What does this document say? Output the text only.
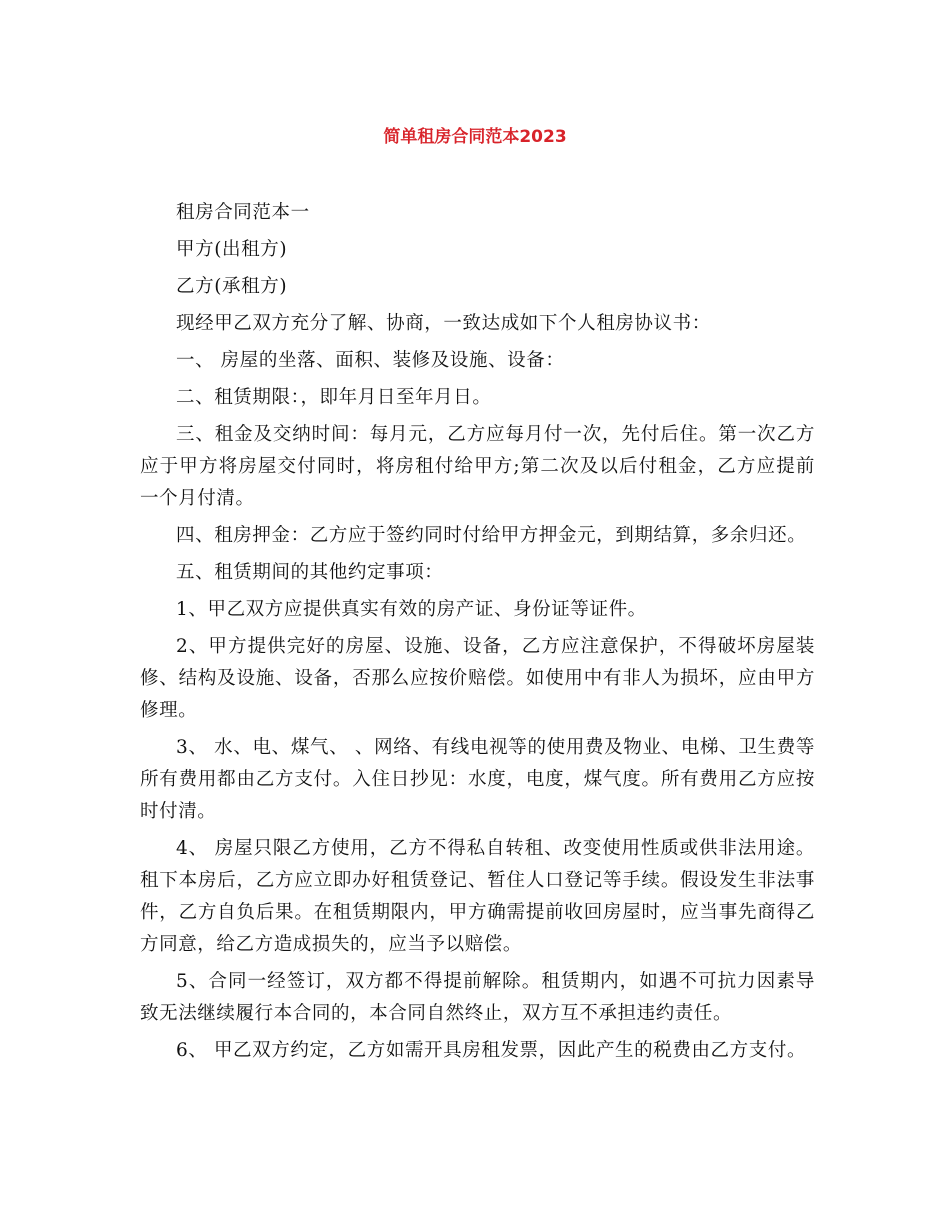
简单租房合同范本2023

租房合同范本一

甲方(出租方)

乙方(承租方)

现经甲乙双方充分了解、协商，一致达成如下个人租房协议书：

一、 房屋的坐落、面积、装修及设施、设备：

二、租赁期限：，即年月日至年月日。

三、租金及交纳时间：每月元，乙方应每月付一次，先付后住。第一次乙方应于甲方将房屋交付同时，将房租付给甲方;第二次及以后付租金，乙方应提前一个月付清。

四、租房押金：乙方应于签约同时付给甲方押金元，到期结算，多余归还。

五、租赁期间的其他约定事项：

1、甲乙双方应提供真实有效的房产证、身份证等证件。

2、甲方提供完好的房屋、设施、设备，乙方应注意保护，不得破坏房屋装修、结构及设施、设备，否那么应按价赔偿。如使用中有非人为损坏，应由甲方修理。

3、 水、电、煤气、 、网络、有线电视等的使用费及物业、电梯、卫生费等所有费用都由乙方支付。入住日抄见：水度，电度，煤气度。所有费用乙方应按时付清。

4、 房屋只限乙方使用，乙方不得私自转租、改变使用性质或供非法用途。租下本房后，乙方应立即办好租赁登记、暂住人口登记等手续。假设发生非法事件，乙方自负后果。在租赁期限内，甲方确需提前收回房屋时，应当事先商得乙方同意，给乙方造成损失的，应当予以赔偿。

5、合同一经签订，双方都不得提前解除。租赁期内，如遇不可抗力因素导致无法继续履行本合同的，本合同自然终止，双方互不承担违约责任。

6、 甲乙双方约定，乙方如需开具房租发票，因此产生的税费由乙方支付。
